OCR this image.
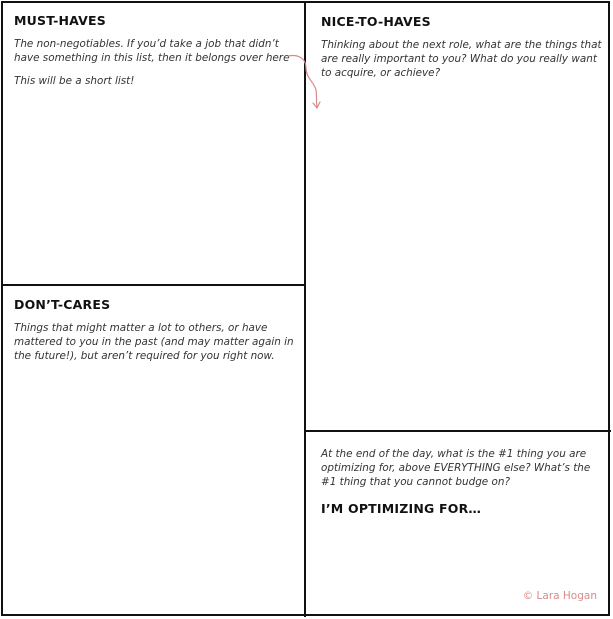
MUST-HAVES

The non-negotiables. If you’d take a job that didn’t have something in this list, then it belongs over here

This will be a short list!

NICE-TO-HAVES

Thinking about the next role, what are the things that are really important to you? What do you really want to acquire, or achieve?

DON’T-CARES

Things that might matter a lot to others, or have mattered to you in the past (and may matter again in the future!), but aren’t required for you right now.

At the end of the day, what is the #1 thing you are optimizing for, above EVERYTHING else? What’s the #1 thing that you cannot budge on?

I’M OPTIMIZING FOR…
© Lara Hogan
